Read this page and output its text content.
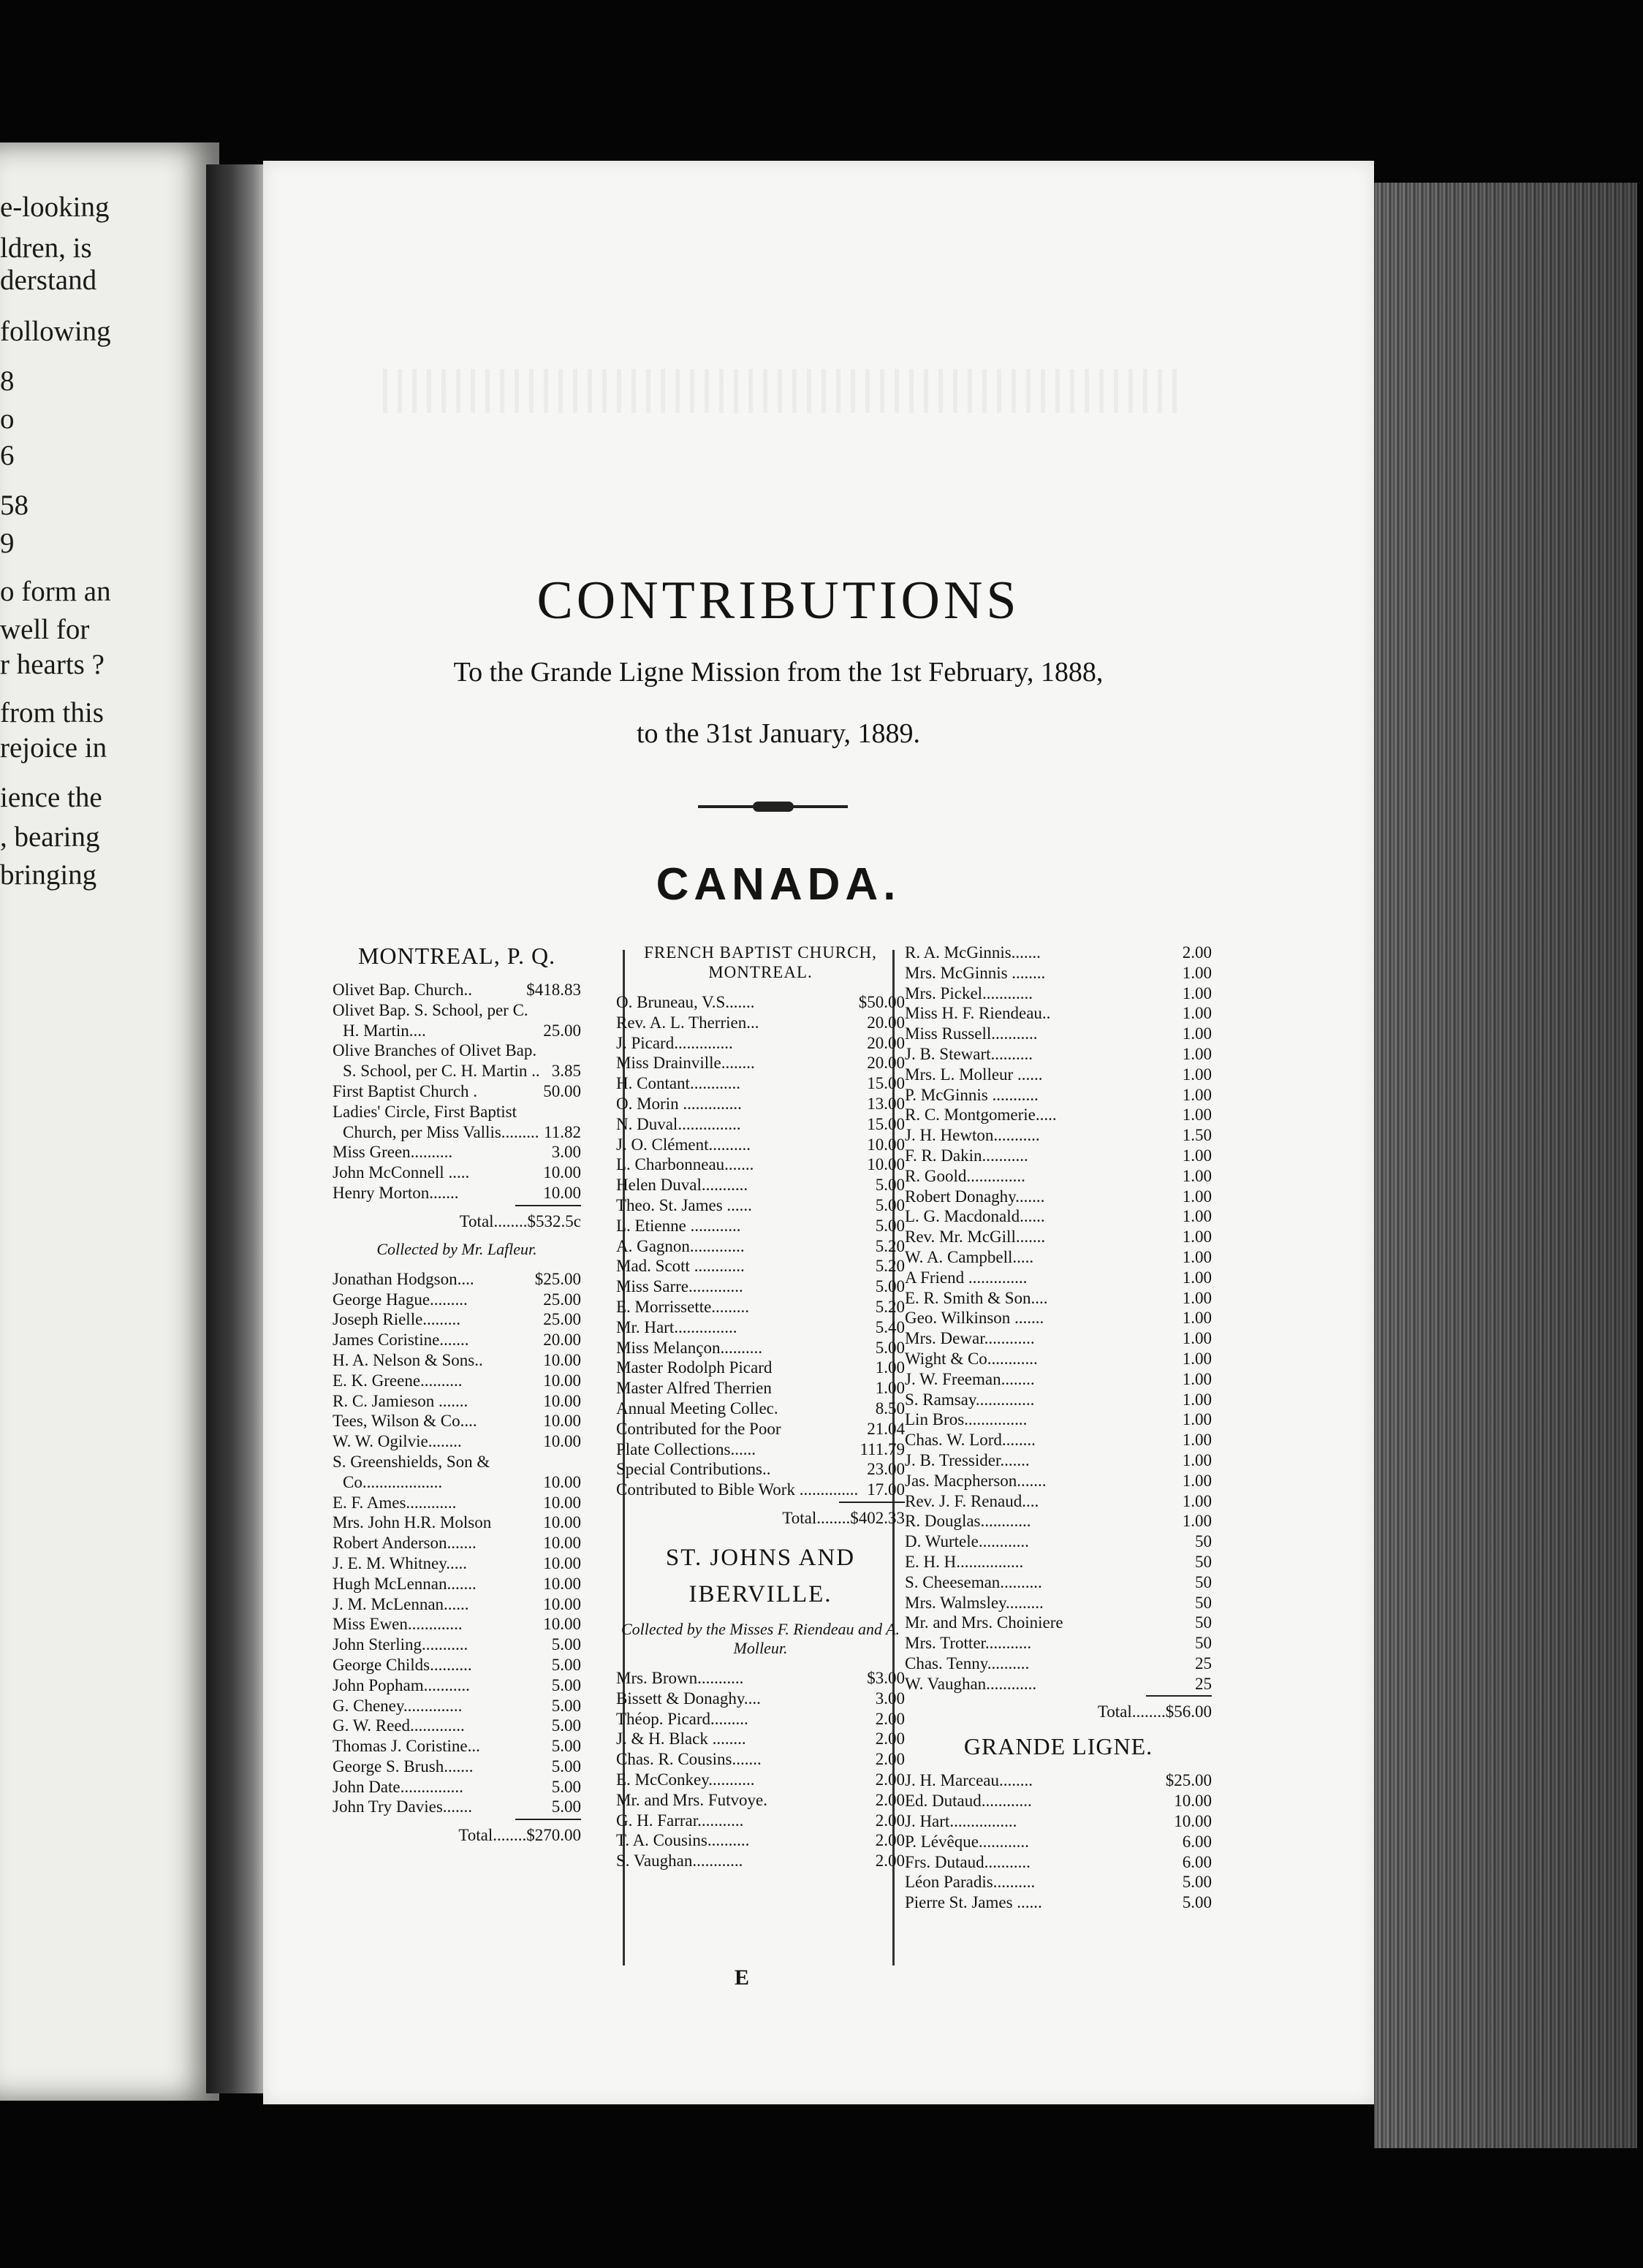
e-looking
ldren, is
derstand
following
8
o
6
58
9
o form an
well for
r hearts ?
from this
rejoice in
ience the
, bearing
bringing
CONTRIBUTIONS
To the Grande Ligne Mission from the 1st February, 1888,
to the 31st January, 1889.
CANADA.
MONTREAL, P. Q.
Olivet Bap. Church..	$418.83
Olivet Bap. S. School, per C. H. Martin....	25.00
Olive Branches of Olivet Bap. S. School, per C. H. Martin .. 3.85
First Baptist Church .	50.00
Ladies' Circle, First Baptist Church, per Miss Vallis......... 11.82
Miss Green..........	3.00
John McConnell .....	10.00
Henry Morton.......	10.00
Total........$532.5c
Collected by Mr. Lafleur.
Jonathan Hodgson....	$25.00
George Hague.........	25.00
Joseph Rielle.........	25.00
James Coristine.......	20.00
H. A. Nelson & Sons..	10.00
E. K. Greene..........	10.00
R. C. Jamieson .......	10.00
Tees, Wilson & Co....	10.00
W. W. Ogilvie........	10.00
S. Greenshields, Son & Co...................	10.00
E. F. Ames............	10.00
Mrs. John H.R. Molson	10.00
Robert Anderson.......	10.00
J. E. M. Whitney.....	10.00
Hugh McLennan.......	10.00
J. M. McLennan......	10.00
Miss Ewen.............	10.00
John Sterling...........	5.00
George Childs..........	5.00
John Popham...........	5.00
G. Cheney..............	5.00
G. W. Reed.............	5.00
Thomas J. Coristine...	5.00
George S. Brush.......	5.00
John Date...............	5.00
John Try Davies.......	5.00
Total........$270.00
FRENCH BAPTIST CHURCH, MONTREAL.
O. Bruneau, V.S.......	$50.00
Rev. A. L. Therrien...	20.00
J. Picard..............	20.00
Miss Drainville........	20.00
H. Contant............	15.00
O. Morin ..............	13.00
N. Duval...............	15.00
J. O. Clément..........	10.00
L. Charbonneau.......	10.00
Helen Duval...........	5.00
Theo. St. James ......	5.00
L. Etienne ............	5.00
A. Gagnon.............	5.20
Mad. Scott ............	5.20
Miss Sarre.............	5.00
E. Morrissette.........	5.20
Mr. Hart...............	5.40
Miss Melançon..........	5.00
Master Rodolph Picard	1.00
Master Alfred Therrien	1.00
Annual Meeting Collec.	8.50
Contributed for the Poor	21.04
Plate Collections......	111.79
Special Contributions..	23.00
Contributed to Bible Work .............. 17.00
Total........$402.33
ST. JOHNS AND IBERVILLE.
Collected by the Misses F. Riendeau and A. Molleur.
Mrs. Brown...........	$3.00
Bissett & Donaghy....	3.00
Théop. Picard.........	2.00
J. & H. Black ........	2.00
Chas. R. Cousins.......	2.00
E. McConkey...........	2.00
Mr. and Mrs. Futvoye.	2.00
G. H. Farrar...........	2.00
T. A. Cousins..........	2.00
S. Vaughan............	2.00
R. A. McGinnis.......	2.00
Mrs. McGinnis ........	1.00
Mrs. Pickel............	1.00
Miss H. F. Riendeau..	1.00
Miss Russell...........	1.00
J. B. Stewart..........	1.00
Mrs. L. Molleur ......	1.00
P. McGinnis ...........	1.00
R. C. Montgomerie.....	1.00
J. H. Hewton...........	1.50
F. R. Dakin...........	1.00
R. Goold..............	1.00
Robert Donaghy.......	1.00
L. G. Macdonald......	1.00
Rev. Mr. McGill.......	1.00
W. A. Campbell.....	1.00
A Friend ..............	1.00
E. R. Smith & Son....	1.00
Geo. Wilkinson .......	1.00
Mrs. Dewar............	1.00
Wight & Co............	1.00
J. W. Freeman........	1.00
S. Ramsay..............	1.00
Lin Bros...............	1.00
Chas. W. Lord........	1.00
J. B. Tressider.......	1.00
Jas. Macpherson.......	1.00
Rev. J. F. Renaud....	1.00
R. Douglas............	1.00
D. Wurtele............	50
E. H. H................	50
S. Cheeseman..........	50
Mrs. Walmsley.........	50
Mr. and Mrs. Choiniere	50
Mrs. Trotter...........	50
Chas. Tenny..........	25
W. Vaughan............	25
Total........$56.00
GRANDE LIGNE.
J. H. Marceau........	$25.00
Ed. Dutaud............	10.00
J. Hart................	10.00
P. Lévêque............	6.00
Frs. Dutaud...........	6.00
Léon Paradis..........	5.00
Pierre St. James ......	5.00
E
